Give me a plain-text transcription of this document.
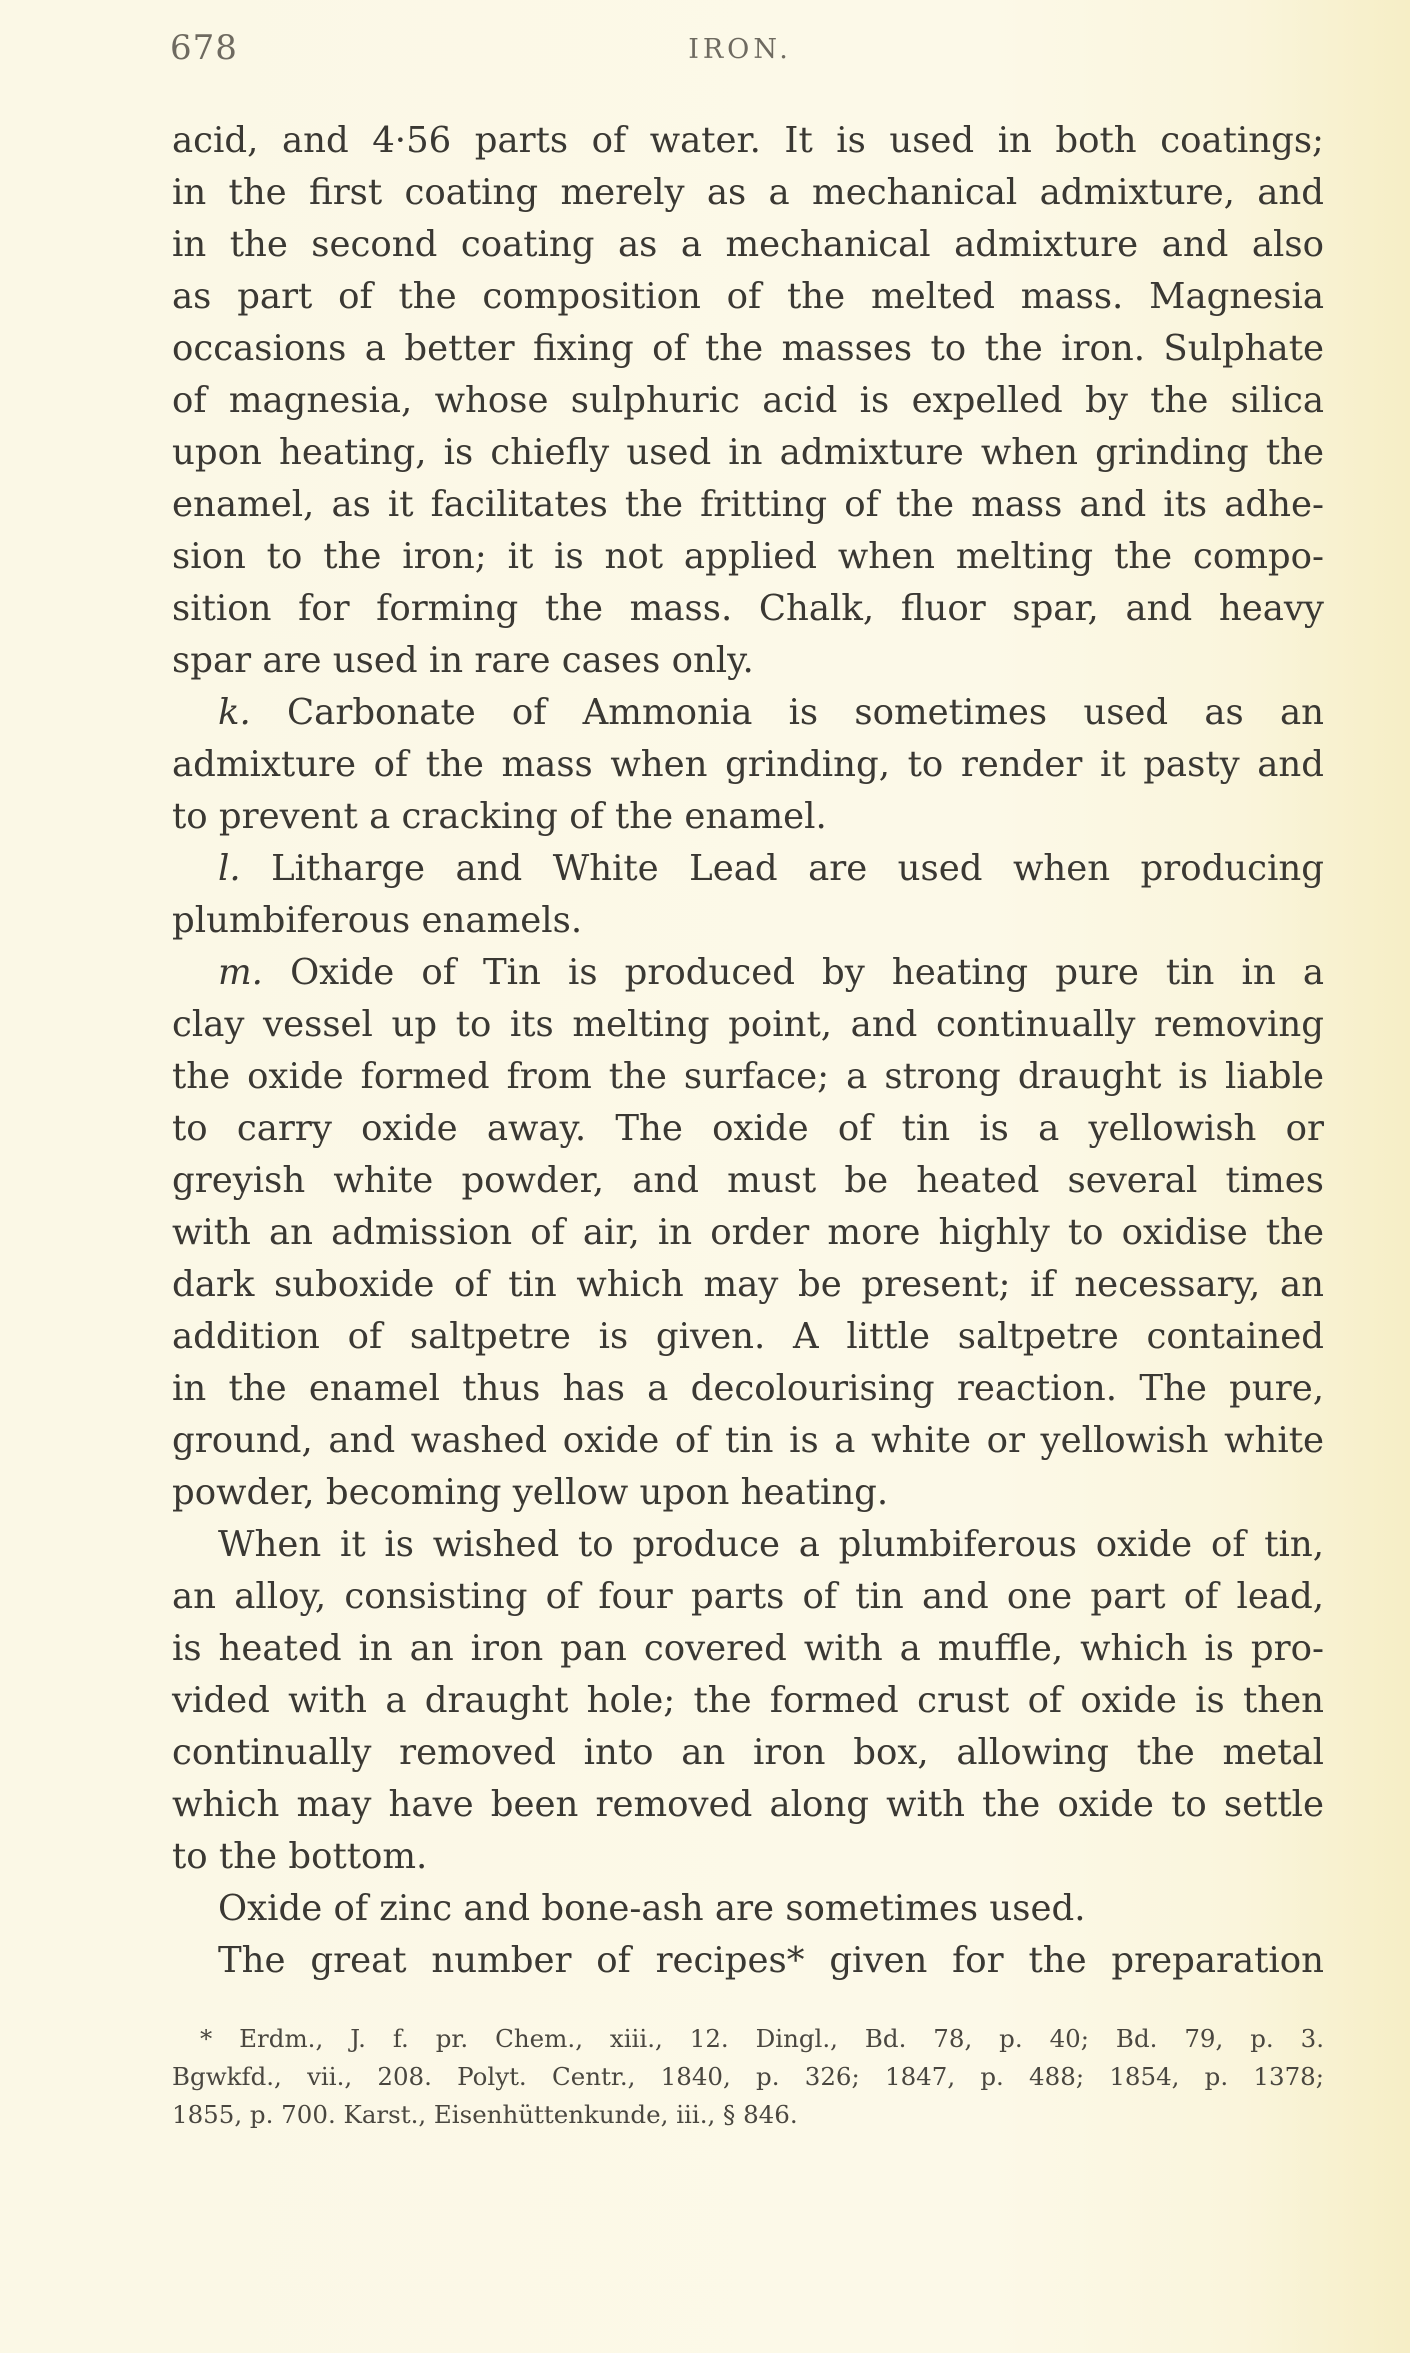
678	IRON.
acid, and 4·56 parts of water. It is used in both coatings;
in the first coating merely as a mechanical admixture, and
in the second coating as a mechanical admixture and also
as part of the composition of the melted mass. Magnesia
occasions a better fixing of the masses to the iron. Sulphate
of magnesia, whose sulphuric acid is expelled by the silica
upon heating, is chiefly used in admixture when grinding the
enamel, as it facilitates the fritting of the mass and its adhe-
sion to the iron; it is not applied when melting the compo-
sition for forming the mass. Chalk, fluor spar, and heavy
spar are used in rare cases only.
k. Carbonate of Ammonia is sometimes used as an
admixture of the mass when grinding, to render it pasty and
to prevent a cracking of the enamel.
l. Litharge and White Lead are used when producing
plumbiferous enamels.
m. Oxide of Tin is produced by heating pure tin in a
clay vessel up to its melting point, and continually removing
the oxide formed from the surface; a strong draught is liable
to carry oxide away. The oxide of tin is a yellowish or
greyish white powder, and must be heated several times
with an admission of air, in order more highly to oxidise the
dark suboxide of tin which may be present; if necessary, an
addition of saltpetre is given. A little saltpetre contained
in the enamel thus has a decolourising reaction. The pure,
ground, and washed oxide of tin is a white or yellowish white
powder, becoming yellow upon heating.
When it is wished to produce a plumbiferous oxide of tin,
an alloy, consisting of four parts of tin and one part of lead,
is heated in an iron pan covered with a muffle, which is pro-
vided with a draught hole; the formed crust of oxide is then
continually removed into an iron box, allowing the metal
which may have been removed along with the oxide to settle
to the bottom.
Oxide of zinc and bone-ash are sometimes used.
The great number of recipes* given for the preparation
* Erdm., J. f. pr. Chem., xiii., 12. Dingl., Bd. 78, p. 40; Bd. 79, p. 3.
Bgwkfd., vii., 208. Polyt. Centr., 1840, p. 326; 1847, p. 488; 1854, p. 1378;
1855, p. 700. Karst., Eisenhüttenkunde, iii., § 846.
